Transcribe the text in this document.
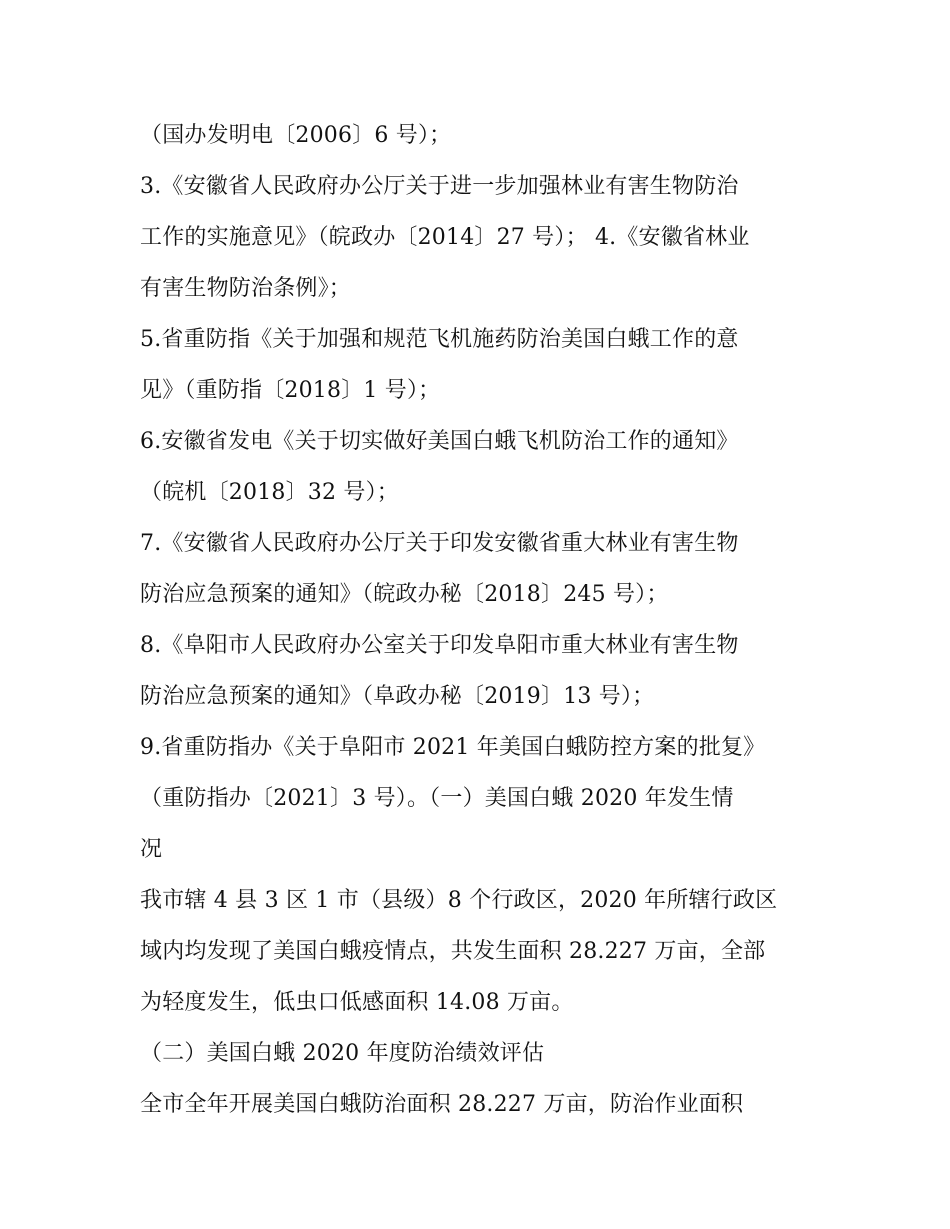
（国办发明电〔2006〕6 号）；
3.《安徽省人民政府办公厅关于进一步加强林业有害生物防治
工作的实施意见》（皖政办〔2014〕27 号）； 4.《安徽省林业
有害生物防治条例》；
5.省重防指《关于加强和规范飞机施药防治美国白蛾工作的意
见》（重防指〔2018〕1 号）；
6.安徽省发电《关于切实做好美国白蛾飞机防治工作的通知》
（皖机〔2018〕32 号）；
7.《安徽省人民政府办公厅关于印发安徽省重大林业有害生物
防治应急预案的通知》（皖政办秘〔2018〕245 号）；
8.《阜阳市人民政府办公室关于印发阜阳市重大林业有害生物
防治应急预案的通知》（阜政办秘〔2019〕13 号）；
9.省重防指办《关于阜阳市 2021 年美国白蛾防控方案的批复》
（重防指办〔2021〕3 号）。（一）美国白蛾 2020 年发生情
况
我市辖 4 县 3 区 1 市（县级）8 个行政区，2020 年所辖行政区
域内均发现了美国白蛾疫情点，共发生面积 28.227 万亩，全部
为轻度发生，低虫口低感面积 14.08 万亩。
（二）美国白蛾 2020 年度防治绩效评估
全市全年开展美国白蛾防治面积 28.227 万亩，防治作业面积
